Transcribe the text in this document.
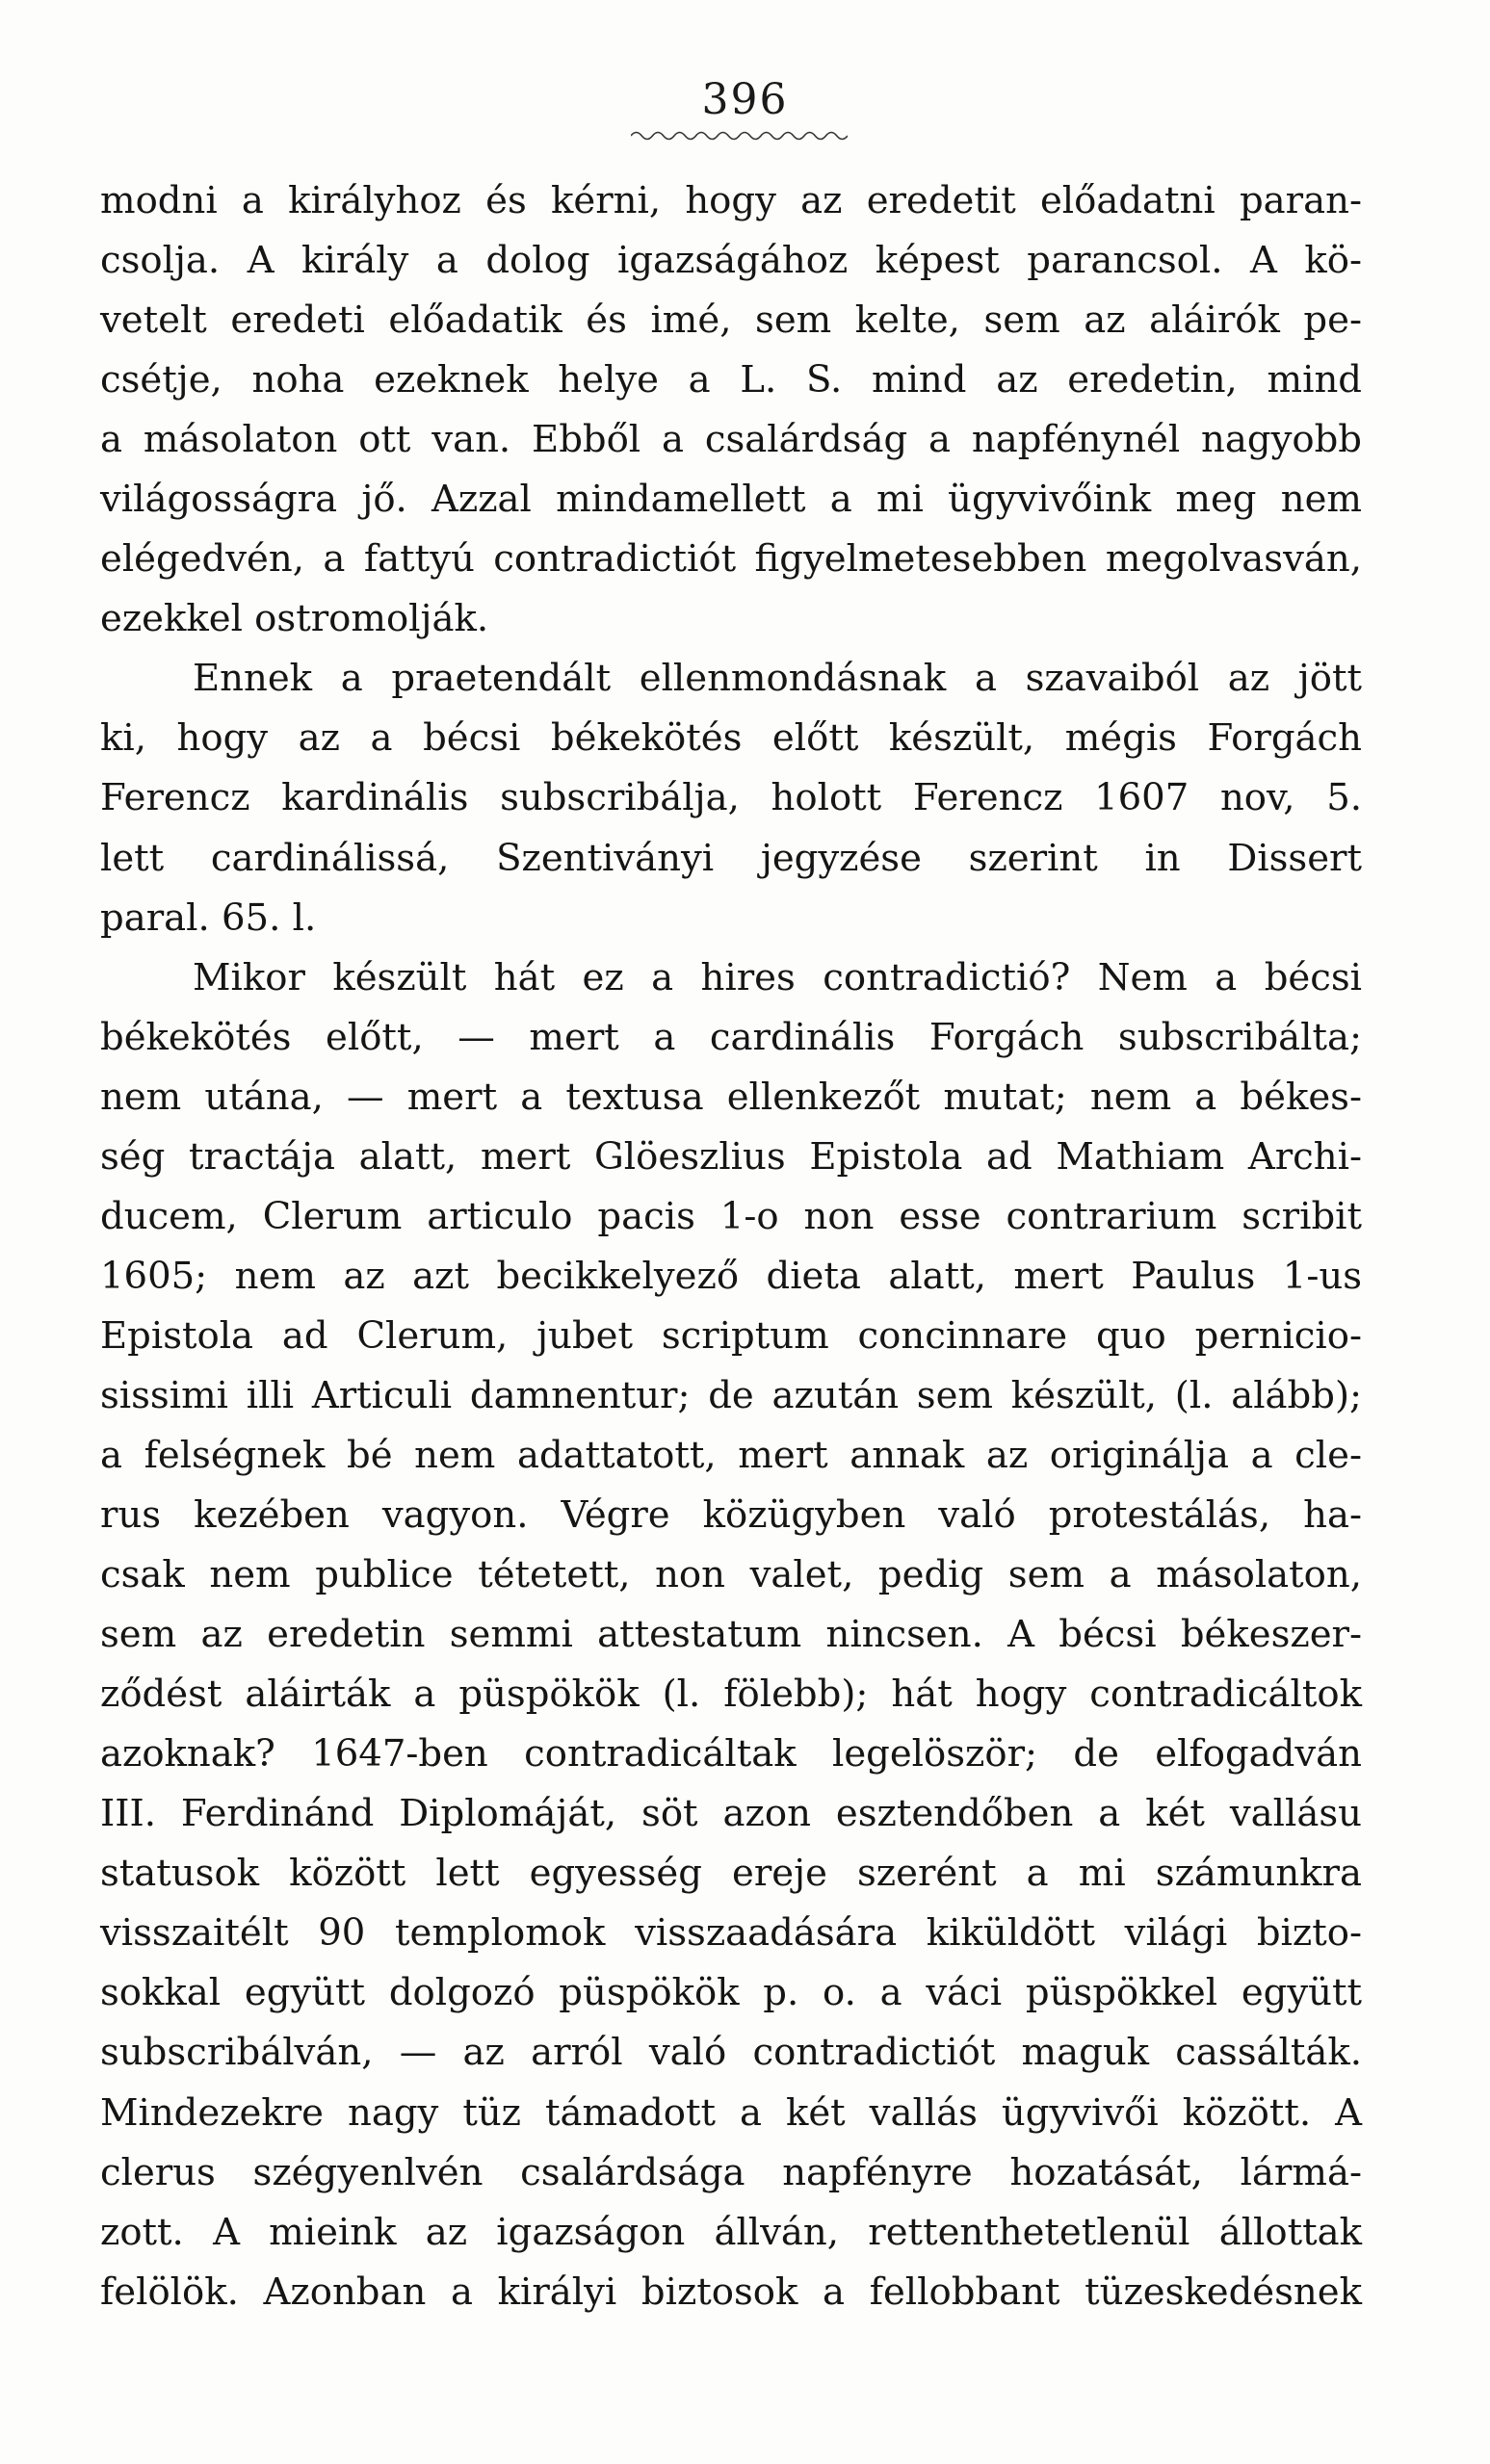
396
modni a királyhoz és kérni, hogy az eredetit előadatni paran-
csolja. A király a dolog igazságához képest parancsol. A kö-
vetelt eredeti előadatik és imé, sem kelte, sem az aláirók pe-
csétje, noha ezeknek helye a L. S. mind az eredetin, mind
a másolaton ott van. Ebből a csalárdság a napfénynél nagyobb
világosságra jő. Azzal mindamellett a mi ügyvivőink meg nem
elégedvén, a fattyú contradictiót figyelmetesebben megolvasván,
ezekkel ostromolják.
Ennek a praetendált ellenmondásnak a szavaiból az jött
ki, hogy az a bécsi békekötés előtt készült, mégis Forgách
Ferencz kardinális subscribálja, holott Ferencz 1607 nov, 5.
lett cardinálissá, Szentiványi jegyzése szerint in Dissert
paral. 65. l.
Mikor készült hát ez a hires contradictió? Nem a bécsi
békekötés előtt, — mert a cardinális Forgách subscribálta;
nem utána, — mert a textusa ellenkezőt mutat; nem a békes-
ség tractája alatt, mert Glöeszlius Epistola ad Mathiam Archi-
ducem, Clerum articulo pacis 1-o non esse contrarium scribit
1605; nem az azt becikkelyező dieta alatt, mert Paulus 1-us
Epistola ad Clerum, jubet scriptum concinnare quo pernicio-
sissimi illi Articuli damnentur; de azután sem készült, (l. alább);
a felségnek bé nem adattatott, mert annak az originálja a cle-
rus kezében vagyon. Végre közügyben való protestálás, ha-
csak nem publice tétetett, non valet, pedig sem a másolaton,
sem az eredetin semmi attestatum nincsen. A bécsi békeszer-
ződést aláirták a püspökök (l. fölebb); hát hogy contradicáltok
azoknak? 1647-ben contradicáltak legelöször; de elfogadván
III. Ferdinánd Diplomáját, söt azon esztendőben a két vallásu
statusok között lett egyesség ereje szerént a mi számunkra
visszaitélt 90 templomok visszaadására kiküldött világi bizto-
sokkal együtt dolgozó püspökök p. o. a váci püspökkel együtt
subscribálván, — az arról való contradictiót maguk cassálták.
Mindezekre nagy tüz támadott a két vallás ügyvivői között. A
clerus szégyenlvén csalárdsága napfényre hozatását, lármá-
zott. A mieink az igazságon állván, rettenthetetlenül állottak
felölök. Azonban a királyi biztosok a fellobbant tüzeskedésnek
